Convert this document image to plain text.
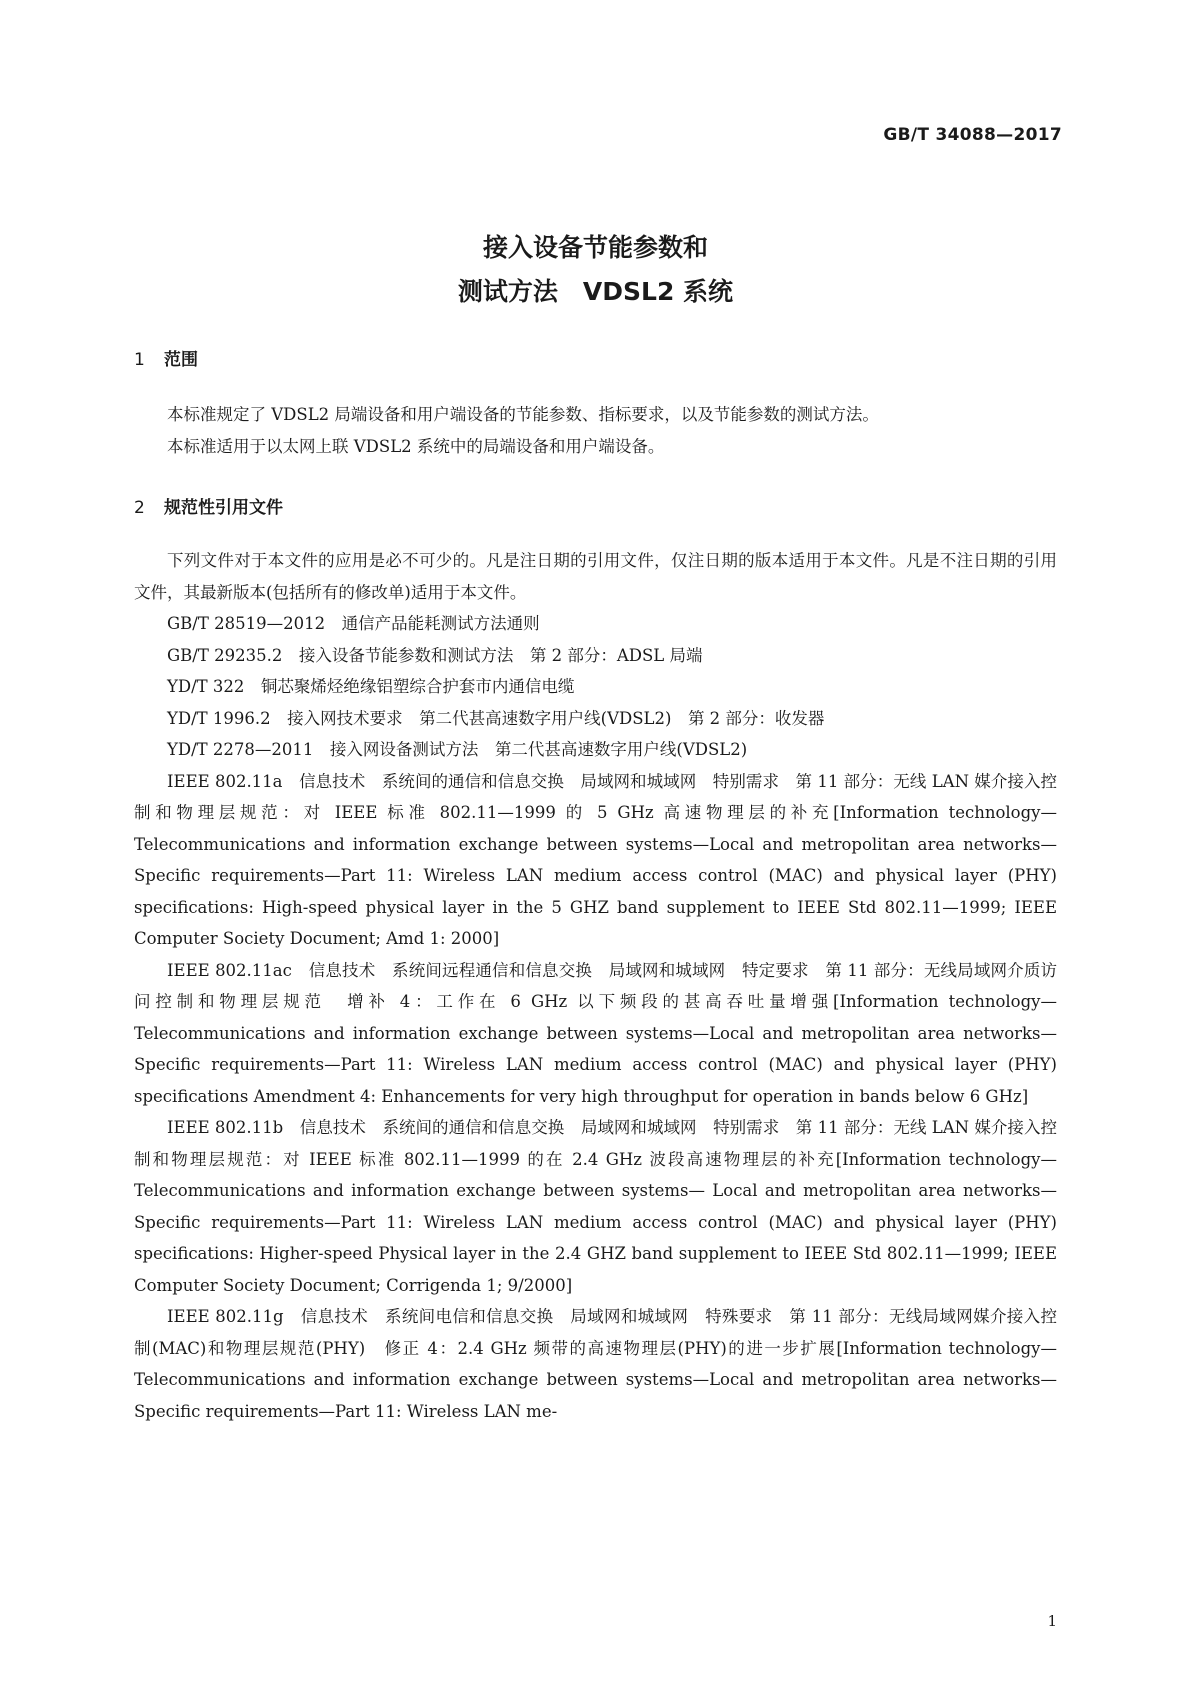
GB/T 34088—2017
接入设备节能参数和
测试方法　VDSL2 系统
1 范围

本标准规定了 VDSL2 局端设备和用户端设备的节能参数、指标要求，以及节能参数的测试方法。

本标准适用于以太网上联 VDSL2 系统中的局端设备和用户端设备。

2 规范性引用文件

下列文件对于本文件的应用是必不可少的。凡是注日期的引用文件，仅注日期的版本适用于本文件。凡是不注日期的引用文件，其最新版本(包括所有的修改单)适用于本文件。

GB/T 28519—2012　通信产品能耗测试方法通则

GB/T 29235.2　接入设备节能参数和测试方法　第 2 部分：ADSL 局端

YD/T 322　铜芯聚烯烃绝缘铝塑综合护套市内通信电缆

YD/T 1996.2　接入网技术要求　第二代甚高速数字用户线(VDSL2)　第 2 部分：收发器

YD/T 2278—2011　接入网设备测试方法　第二代甚高速数字用户线(VDSL2)

IEEE 802.11a　信息技术　系统间的通信和信息交换　局域网和城域网　特别需求　第 11 部分：无线 LAN 媒介接入控制和物理层规范：对 IEEE 标准 802.11—1999 的 5 GHz 高速物理层的补充[Information technology—Telecommunications and information exchange between systems—Local and metropolitan area networks—Specific requirements—Part 11: Wireless LAN medium access control (MAC) and physical layer (PHY) specifications: High-speed physical layer in the 5 GHZ band supplement to IEEE Std 802.11—1999; IEEE Computer Society Document; Amd 1: 2000]

IEEE 802.11ac　信息技术　系统间远程通信和信息交换　局域网和城域网　特定要求　第 11 部分：无线局域网介质访问控制和物理层规范　增补 4：工作在 6 GHz 以下频段的甚高吞吐量增强[Information technology—Telecommunications and information exchange between systems—Local and metropolitan area networks—Specific requirements—Part 11: Wireless LAN medium access control (MAC) and physical layer (PHY) specifications Amendment 4: Enhancements for very high throughput for operation in bands below 6 GHz]

IEEE 802.11b　信息技术　系统间的通信和信息交换　局域网和城域网　特别需求　第 11 部分：无线 LAN 媒介接入控制和物理层规范：对 IEEE 标准 802.11—1999 的在 2.4 GHz 波段高速物理层的补充[Information technology—Telecommunications and information exchange between systems— Local and metropolitan area networks—Specific requirements—Part 11: Wireless LAN medium access control (MAC) and physical layer (PHY) specifications: Higher-speed Physical layer in the 2.4 GHZ band supplement to IEEE Std 802.11—1999; IEEE Computer Society Document; Corrigenda 1; 9/2000]

IEEE 802.11g　信息技术　系统间电信和信息交换　局域网和城域网　特殊要求　第 11 部分：无线局域网媒介接入控制(MAC)和物理层规范(PHY)　修正 4：2.4 GHz 频带的高速物理层(PHY)的进一步扩展[Information technology—Telecommunications and information exchange between systems—Local and metropolitan area networks—Specific requirements—Part 11: Wireless LAN me-

1
